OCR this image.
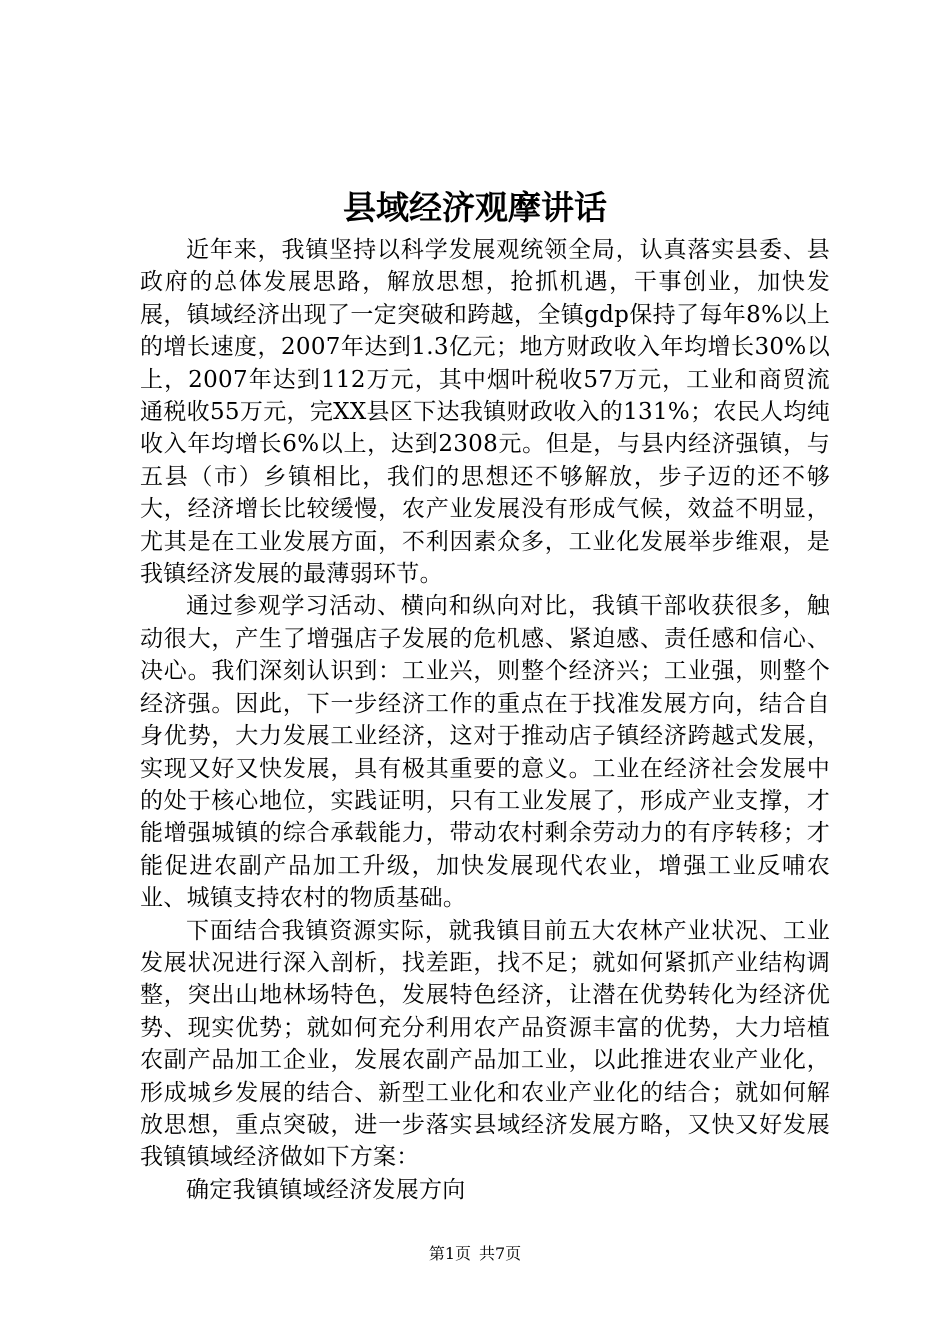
县域经济观摩讲话

近年来，我镇坚持以科学发展观统领全局，认真落实县委、县政府的总体发展思路，解放思想，抢抓机遇，干事创业，加快发展，镇域经济出现了一定突破和跨越，全镇gdp保持了每年8%以上的增长速度，2007年达到1.3亿元；地方财政收入年均增长30%以上，2007年达到112万元，其中烟叶税收57万元，工业和商贸流通税收55万元，完XX县区下达我镇财政收入的131%；农民人均纯收入年均增长6%以上，达到2308元。但是，与县内经济强镇，与五县（市）乡镇相比，我们的思想还不够解放，步子迈的还不够大，经济增长比较缓慢，农产业发展没有形成气候，效益不明显，尤其是在工业发展方面，不利因素众多，工业化发展举步维艰，是我镇经济发展的最薄弱环节。

通过参观学习活动、横向和纵向对比，我镇干部收获很多，触动很大，产生了增强店子发展的危机感、紧迫感、责任感和信心、决心。我们深刻认识到：工业兴，则整个经济兴；工业强，则整个经济强。因此，下一步经济工作的重点在于找准发展方向，结合自身优势，大力发展工业经济，这对于推动店子镇经济跨越式发展，实现又好又快发展，具有极其重要的意义。工业在经济社会发展中的处于核心地位，实践证明，只有工业发展了，形成产业支撑，才能增强城镇的综合承载能力，带动农村剩余劳动力的有序转移；才能促进农副产品加工升级，加快发展现代农业，增强工业反哺农业、城镇支持农村的物质基础。

下面结合我镇资源实际，就我镇目前五大农林产业状况、工业发展状况进行深入剖析，找差距，找不足；就如何紧抓产业结构调整，突出山地林场特色，发展特色经济，让潜在优势转化为经济优势、现实优势；就如何充分利用农产品资源丰富的优势，大力培植农副产品加工企业，发展农副产品加工业，以此推进农业产业化，形成城乡发展的结合、新型工业化和农业产业化的结合；就如何解放思想，重点突破，进一步落实县域经济发展方略，又快又好发展我镇镇域经济做如下方案：

确定我镇镇域经济发展方向

第1页 共7页
